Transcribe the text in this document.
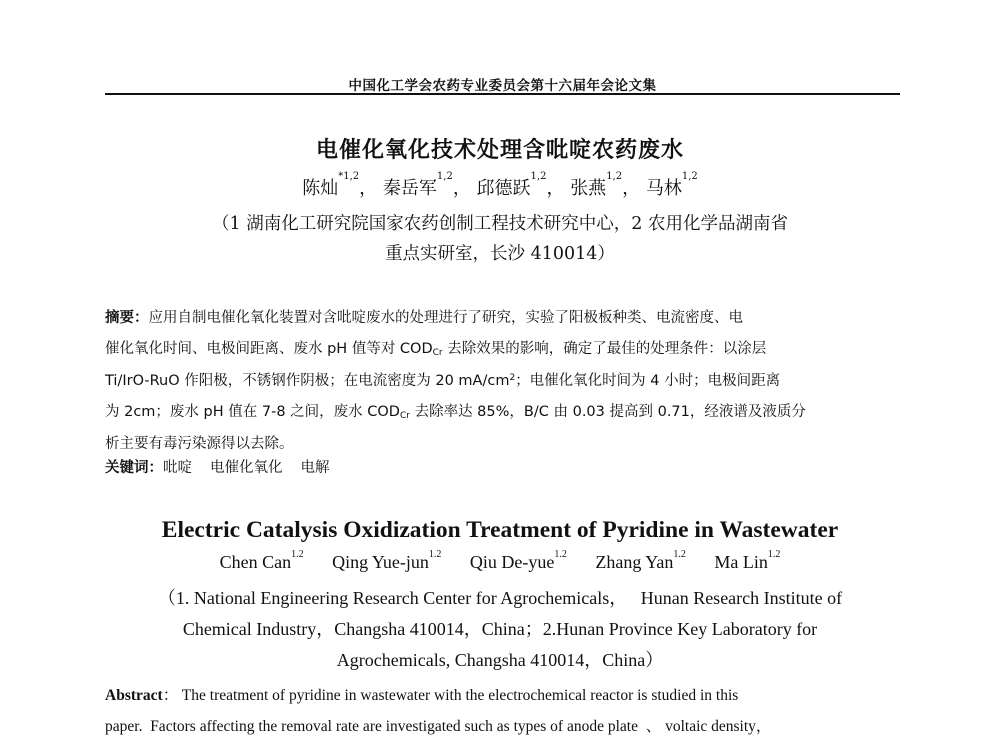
中国化工学会农药专业委员会第十六届年会论文集
电催化氧化技术处理含吡啶农药废水
陈灿$^{*1,2}$， 秦岳军$^{1,2}$， 邱德跃$^{1,2}$， 张燕$^{1,2}$， 马林$^{1,2}$
（1 湖南化工研究院国家农药创制工程技术研究中心，2 农用化学品湖南省
重点实研室，长沙 410014）
摘要：应用自制电催化氧化装置对含吡啶废水的处理进行了研究，实验了阳极板种类、电流密度、电
催化氧化时间、电极间距离、废水 pH 值等对 $COD_{Cr}$ 去除效果的影响，确定了最佳的处理条件：以涂层
Ti/IrO-RuO 作阳极，不锈钢作阴极；在电流密度为 20 $mA/cm^2$；电催化氧化时间为 4 小时；电极间距离
为 2cm；废水 pH 值在 7-8 之间，废水 $COD_{Cr}$ 去除率达 85%，B/C 由 0.03 提高到 0.71，经液谱及液质分
析主要有毒污染源得以去除。
关键词：吡啶 电催化氧化 电解
Electric Catalysis Oxidization Treatment of Pyridine in Wastewater
Chen Can$^{1.2}$ Qing Yue-jun$^{1.2}$ Qiu De-yue$^{1.2}$ Zhang Yan$^{1.2}$ Ma Lin$^{1.2}$
（1. National Engineering Research Center for Agrochemicals，   Hunan Research Institute of
Chemical Industry，Changsha 410014，China；2.Hunan Province Key Laboratory for
Agrochemicals, Changsha 410014，China）
Abstract： The treatment of pyridine in wastewater with the electrochemical reactor is studied in this
paper.  Factors affecting the removal rate are investigated such as types of anode plate  、 voltaic density，
